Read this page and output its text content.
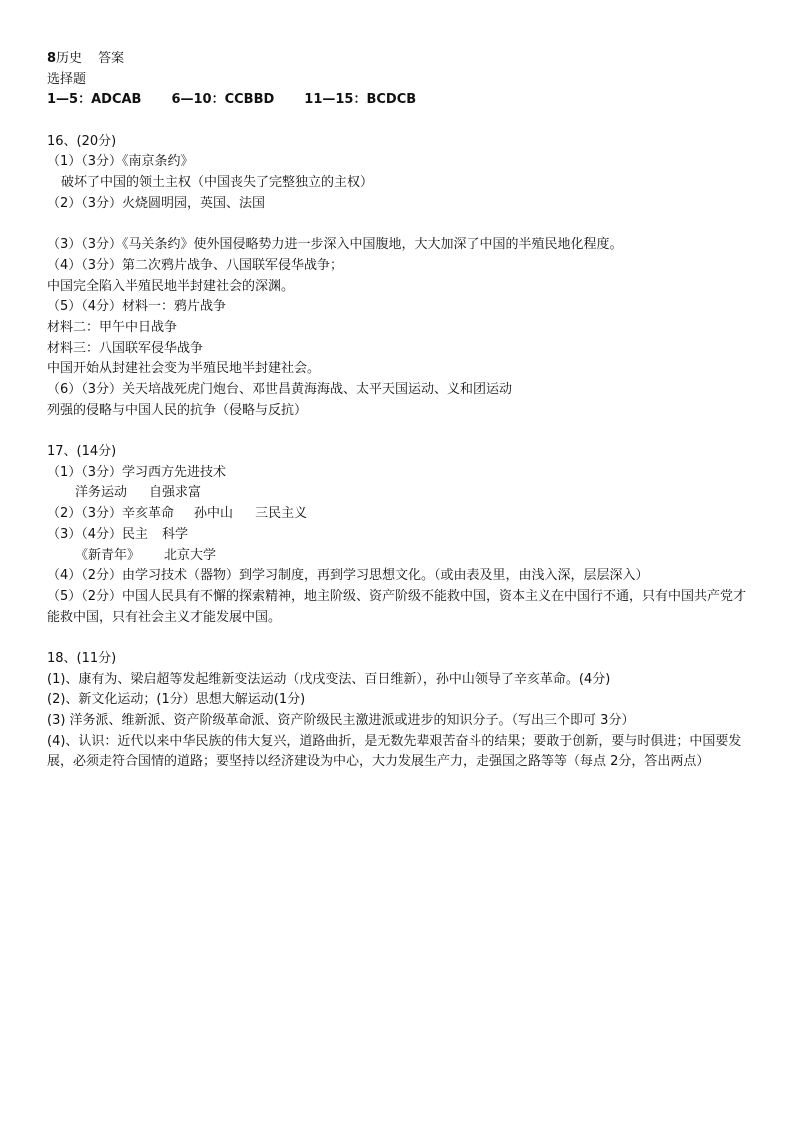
8历史 答案
选择题
1—5：ADCAB 6—10：CCBBD 11—15：BCDCB
16、(20分)
（1）（3分）《南京条约》
破坏了中国的领土主权（中国丧失了完整独立的主权）
（2）（3分）火烧圆明园，英国、法国
（3）（3分）《马关条约》使外国侵略势力进一步深入中国腹地，大大加深了中国的半殖民地化程度。
（4）（3分）第二次鸦片战争、八国联军侵华战争；
中国完全陷入半殖民地半封建社会的深渊。
（5）（4分）材料一：鸦片战争
材料二：甲午中日战争
材料三：八国联军侵华战争
中国开始从封建社会变为半殖民地半封建社会。
（6）（3分）关天培战死虎门炮台、邓世昌黄海海战、太平天国运动、义和团运动
列强的侵略与中国人民的抗争（侵略与反抗）
17、(14分)
（1）（3分）学习西方先进技术
洋务运动 自强求富
（2）（3分）辛亥革命 孙中山 三民主义
（3）（4分）民主 科学
《新青年》 北京大学
（4）（2分）由学习技术（器物）到学习制度，再到学习思想文化。（或由表及里，由浅入深，层层深入）
（5）（2分）中国人民具有不懈的探索精神，地主阶级、资产阶级不能救中国，资本主义在中国行不通，只有中国共产党才能救中国，只有社会主义才能发展中国。
18、(11分)
(1)、康有为、梁启超等发起维新变法运动（戊戌变法、百日维新），孙中山领导了辛亥革命。(4分)
(2)、新文化运动；(1分）思想大解运动(1分)
(3) 洋务派、维新派、资产阶级革命派、资产阶级民主激进派或进步的知识分子。（写出三个即可 3分）
(4)、认识：近代以来中华民族的伟大复兴，道路曲折，是无数先辈艰苦奋斗的结果；要敢于创新，要与时俱进；中国要发展，必须走符合国情的道路；要坚持以经济建设为中心，大力发展生产力，走强国之路等等（每点 2分，答出两点）
